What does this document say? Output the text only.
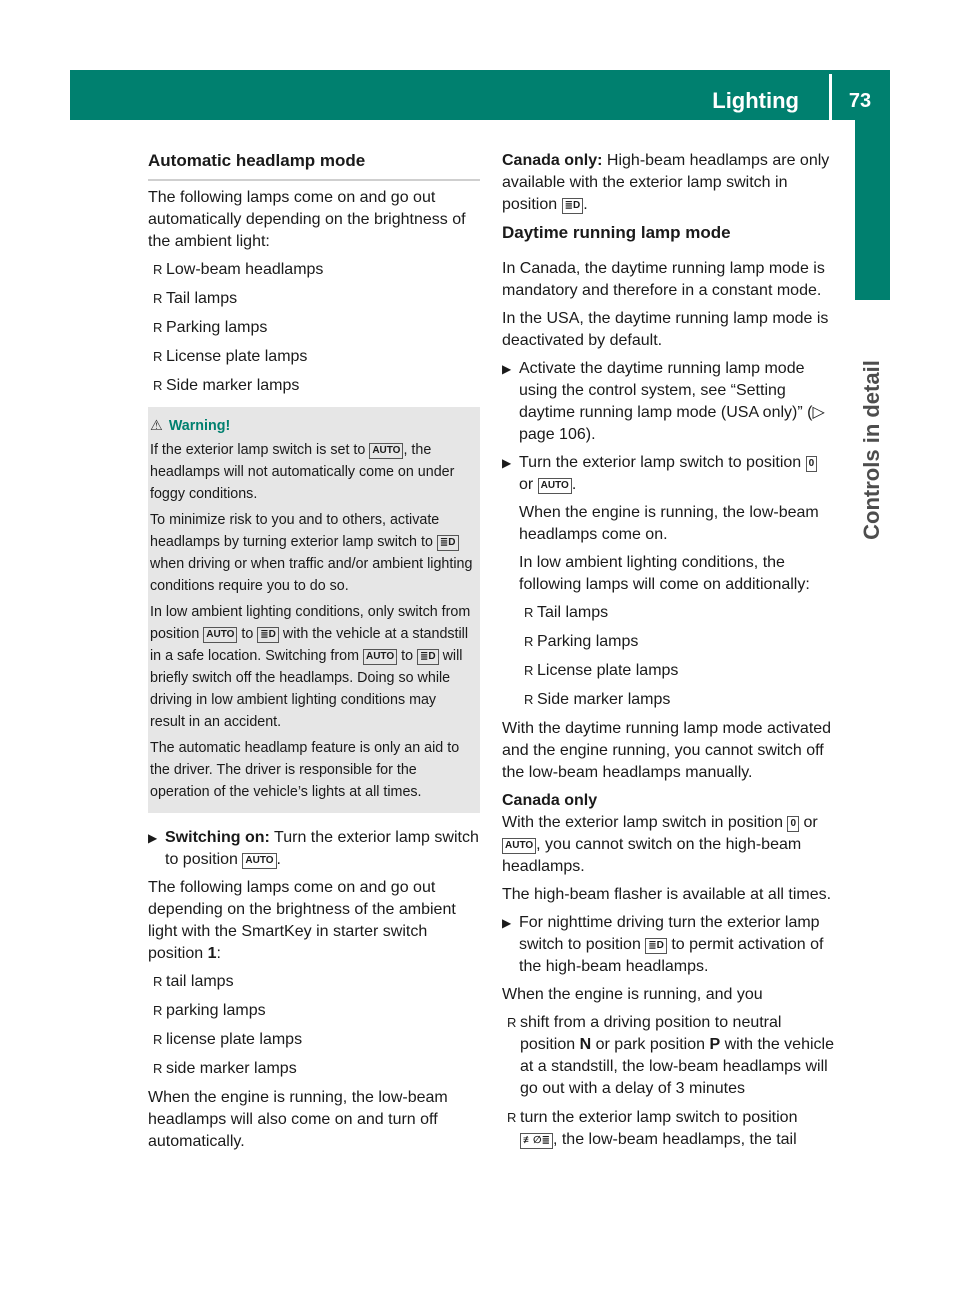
Lighting	73
Controls in detail
Automatic headlamp mode

The following lamps come on and go out automatically depending on the brightness of the ambient light:

R Low-beam headlamps
R Tail lamps
R Parking lamps
R License plate lamps
R Side marker lamps
⚠ Warning!

If the exterior lamp switch is set to AUTO , the headlamps will not automatically come on under foggy conditions.

To minimize risk to you and to others, activate headlamps by turning exterior lamp switch to ≣D when driving or when traffic and/or ambient lighting conditions require you to do so.

In low ambient lighting conditions, only switch from position AUTO to ≣D with the vehicle at a standstill in a safe location. Switching from AUTO to ≣D will briefly switch off the headlamps. Doing so while driving in low ambient lighting conditions may result in an accident.

The automatic headlamp feature is only an aid to the driver. The driver is responsible for the operation of the vehicle’s lights at all times.

▶ Switching on: Turn the exterior lamp switch to position AUTO .

The following lamps come on and go out depending on the brightness of the ambient light with the SmartKey in starter switch position 1:

R tail lamps
R parking lamps
R license plate lamps
R side marker lamps

When the engine is running, the low-beam headlamps will also come on and turn off automatically.

Canada only: High-beam headlamps are only available with the exterior lamp switch in position ≣D .

Daytime running lamp mode

In Canada, the daytime running lamp mode is mandatory and therefore in a constant mode.

In the USA, the daytime running lamp mode is deactivated by default.

▶ Activate the daytime running lamp mode using the control system, see “Setting daytime running lamp mode (USA only)” (▷ page 106).
▶ Turn the exterior lamp switch to position 0 or AUTO .

When the engine is running, the low-beam headlamps come on.

In low ambient lighting conditions, the following lamps will come on additionally:

R Tail lamps
R Parking lamps
R License plate lamps
R Side marker lamps

With the daytime running lamp mode activated and the engine running, you cannot switch off the low-beam headlamps manually.

Canada only

With the exterior lamp switch in position 0 or AUTO , you cannot switch on the high-beam headlamps.

The high-beam flasher is available at all times.

▶ For nighttime driving turn the exterior lamp switch to position ≣D to permit activation of the high-beam headlamps.

When the engine is running, and you

R shift from a driving position to neutral position N or park position P with the vehicle at a standstill, the low-beam headlamps will go out with a delay of 3 minutes
R turn the exterior lamp switch to position ≢∅≣ , the low-beam headlamps, the tail
